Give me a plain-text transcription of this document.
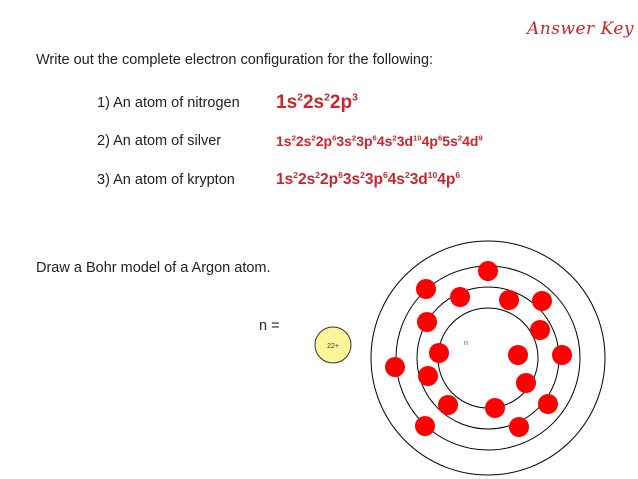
Answer Key
Write out the complete electron configuration for the following:
1) An atom of nitrogen $1s^22s^22p^3$
2) An atom of silver	$1s^22s^22p^63s^23p^64s^23d^{10}4p^65s^24d^9$
3) An atom of krypton	$1s^22s^22p^63s^23p^64s^23d^{10}4p^6$
Draw a Bohr model of a Argon atom.
n =
n
22+
